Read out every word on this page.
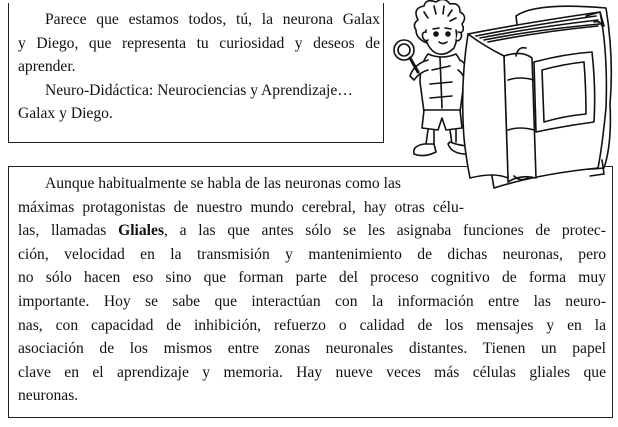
Parece que estamos todos, tú, la neurona Galax
y Diego, que representa tu curiosidad y deseos de
aprender.
Neuro-Didáctica: Neurociencias y Aprendizaje…
Galax y Diego.
Aunque habitualmente se habla de las neuronas como las
máximas protagonistas de nuestro mundo cerebral, hay otras célu-
las, llamadas Gliales, a las que antes sólo se les asignaba funciones de protec-
ción, velocidad en la transmisión y mantenimiento de dichas neuronas, pero
no sólo hacen eso sino que forman parte del proceso cognitivo de forma muy
importante. Hoy se sabe que interactúan con la información entre las neuro-
nas, con capacidad de inhibición, refuerzo o calidad de los mensajes y en la
asociación de los mismos entre zonas neuronales distantes. Tienen un papel
clave en el aprendizaje y memoria. Hay nueve veces más células gliales que
neuronas.
